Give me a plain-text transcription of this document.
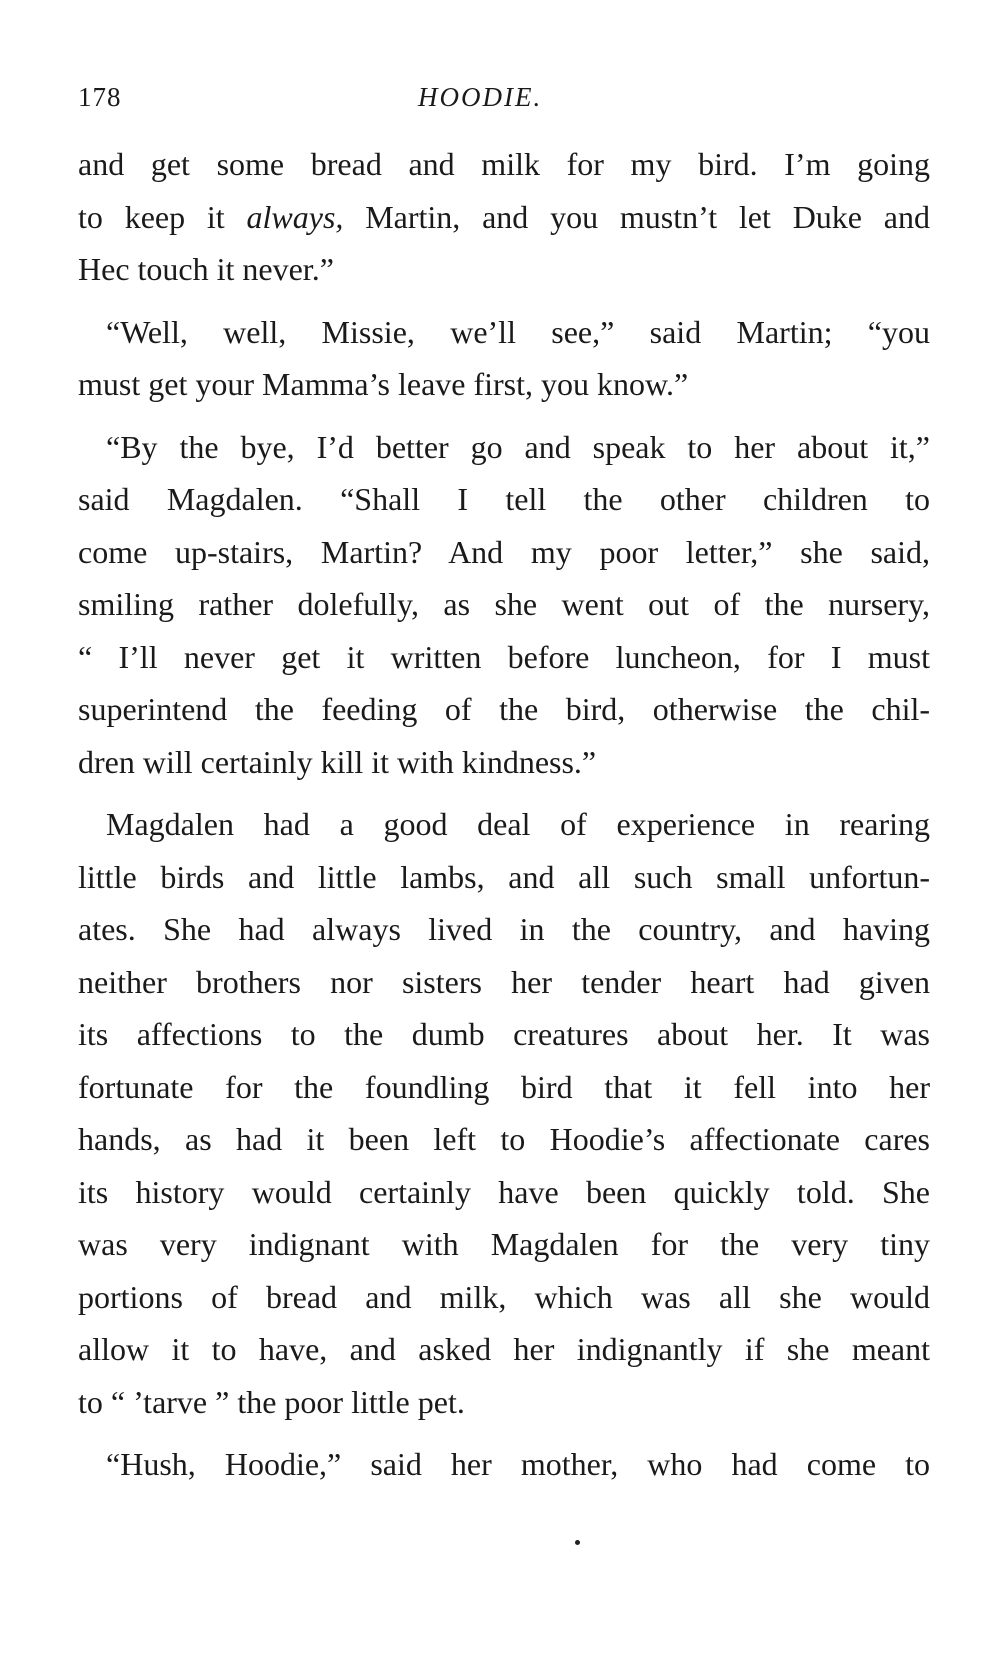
178	HOODIE.
and get some bread and milk for my bird. I’m going
to keep it always, Martin, and you mustn’t let Duke and
Hec touch it never.”
“Well, well, Missie, we’ll see,” said Martin; “you
must get your Mamma’s leave first, you know.”
“By the bye, I’d better go and speak to her about it,”
said Magdalen. “Shall I tell the other children to
come up-stairs, Martin? And my poor letter,” she said,
smiling rather dolefully, as she went out of the nursery,
“ I’ll never get it written before luncheon, for I must
superintend the feeding of the bird, otherwise the chil-
dren will certainly kill it with kindness.”
Magdalen had a good deal of experience in rearing
little birds and little lambs, and all such small unfortun-
ates. She had always lived in the country, and having
neither brothers nor sisters her tender heart had given
its affections to the dumb creatures about her. It was
fortunate for the foundling bird that it fell into her
hands, as had it been left to Hoodie’s affectionate cares
its history would certainly have been quickly told. She
was very indignant with Magdalen for the very tiny
portions of bread and milk, which was all she would
allow it to have, and asked her indignantly if she meant
to “ ’tarve ” the poor little pet.
“Hush, Hoodie,” said her mother, who had come to
